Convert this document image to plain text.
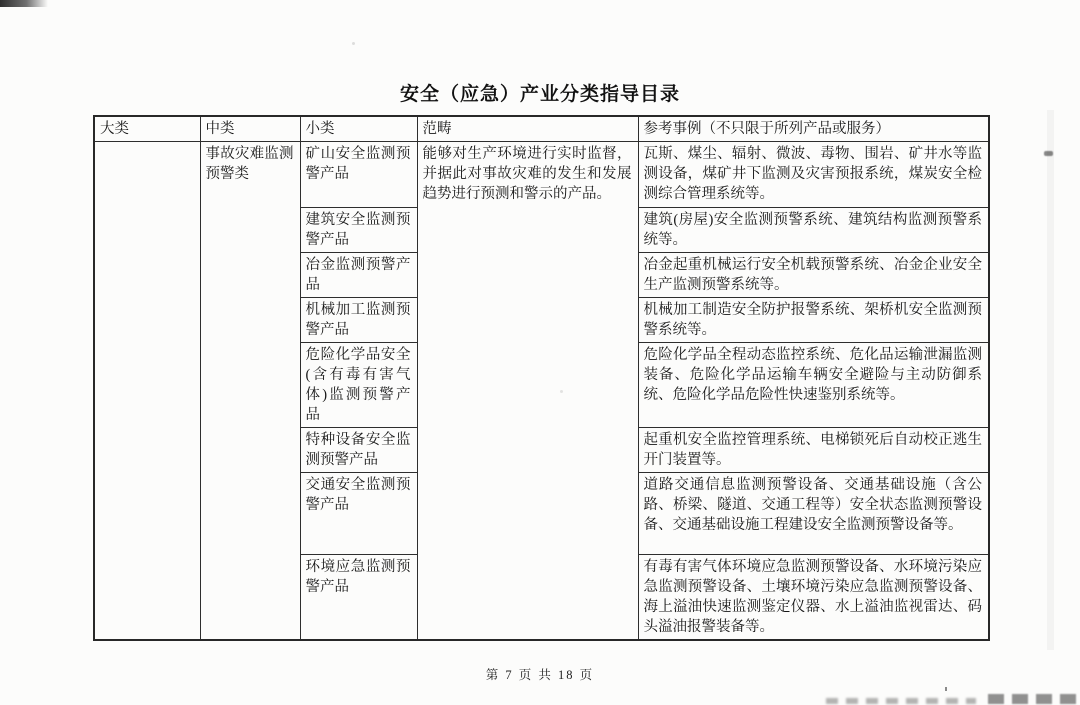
安全（应急）产业分类指导目录
大类	中类	小类	范畴	参考事例（不只限于所列产品或服务）
	事故灾难监测预警类	矿山安全监测预警产品	能够对生产环境进行实时监督，并据此对事故灾难的发生和发展趋势进行预测和警示的产品。	瓦斯、煤尘、辐射、微波、毒物、围岩、矿井水等监测设备，煤矿井下监测及灾害预报系统，煤炭安全检测综合管理系统等。
		建筑安全监测预警产品		建筑(房屋)安全监测预警系统、建筑结构监测预警系统等。
		冶金监测预警产品		冶金起重机械运行安全机载预警系统、冶金企业安全生产监测预警系统等。
		机械加工监测预警产品		机械加工制造安全防护报警系统、架桥机安全监测预警系统等。
		危险化学品安全(含有毒有害气体)监测预警产品		危险化学品全程动态监控系统、危化品运输泄漏监测装备、危险化学品运输车辆安全避险与主动防御系统、危险化学品危险性快速鉴别系统等。
		特种设备安全监测预警产品		起重机安全监控管理系统、电梯锁死后自动校正逃生开门装置等。
		交通安全监测预警产品		道路交通信息监测预警设备、交通基础设施（含公路、桥梁、隧道、交通工程等）安全状态监测预警设备、交通基础设施工程建设安全监测预警设备等。
		环境应急监测预警产品		有毒有害气体环境应急监测预警设备、水环境污染应急监测预警设备、土壤环境污染应急监测预警设备、海上溢油快速监测鉴定仪器、水上溢油监视雷达、码头溢油报警装备等。
第 7 页 共 18 页
